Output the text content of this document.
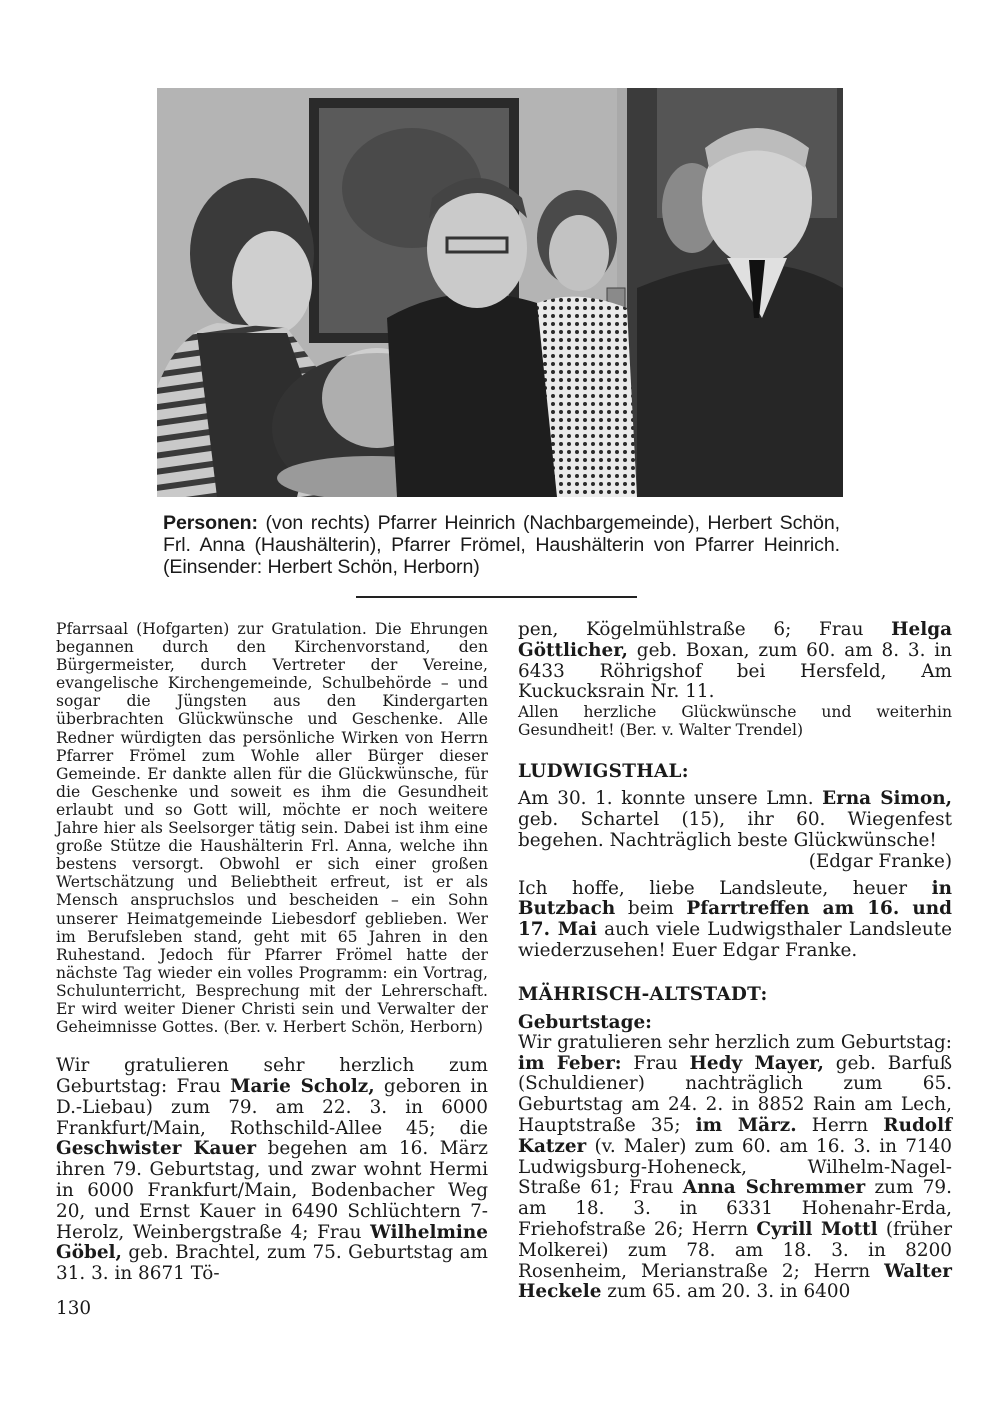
Personen: (von rechts) Pfarrer Heinrich (Nachbargemeinde), Herbert Schön, Frl. Anna (Haushälterin), Pfarrer Frömel, Haushälterin von Pfarrer Heinrich. (Einsender: Herbert Schön, Herborn)

Pfarrsaal (Hofgarten) zur Gratulation. Die Ehrungen begannen durch den Kirchenvorstand, den Bürgermeister, durch Vertreter der Vereine, evangelische Kirchengemeinde, Schulbehörde – und sogar die Jüngsten aus den Kindergarten überbrachten Glückwünsche und Geschenke. Alle Redner würdigten das persönliche Wirken von Herrn Pfarrer Frömel zum Wohle aller Bürger dieser Gemeinde. Er dankte allen für die Glückwünsche, für die Geschenke und soweit es ihm die Gesundheit erlaubt und so Gott will, möchte er noch weitere Jahre hier als Seelsorger tätig sein. Dabei ist ihm eine große Stütze die Haushälterin Frl. Anna, welche ihn bestens versorgt. Obwohl er sich einer großen Wertschätzung und Beliebtheit erfreut, ist er als Mensch anspruchslos und bescheiden – ein Sohn unserer Heimatgemeinde Liebesdorf geblieben. Wer im Berufsleben stand, geht mit 65 Jahren in den Ruhestand. Jedoch für Pfarrer Frömel hatte der nächste Tag wieder ein volles Programm: ein Vortrag, Schulunterricht, Besprechung mit der Lehrerschaft. Er wird weiter Diener Christi sein und Verwalter der Geheimnisse Gottes. (Ber. v. Herbert Schön, Herborn)

Wir gratulieren sehr herzlich zum Geburtstag: Frau Marie Scholz, geboren in D.-Liebau) zum 79. am 22. 3. in 6000 Frankfurt/Main, Rothschild-Allee 45; die Geschwister Kauer begehen am 16. März ihren 79. Geburtstag, und zwar wohnt Hermi in 6000 Frankfurt/Main, Bodenbacher Weg 20, und Ernst Kauer in 6490 Schlüchtern 7-Herolz, Weinbergstraße 4; Frau Wilhelmine Göbel, geb. Brachtel, zum 75. Geburtstag am 31. 3. in 8671 Tö-

pen, Kögelmühlstraße 6; Frau Helga Göttlicher, geb. Boxan, zum 60. am 8. 3. in 6433 Röhrigshof bei Hersfeld, Am Kuckucksrain Nr. 11.

Allen herzliche Glückwünsche und weiterhin Gesundheit! (Ber. v. Walter Trendel)

LUDWIGSTHAL:

Am 30. 1. konnte unsere Lmn. Erna Simon, geb. Schartel (15), ihr 60. Wiegenfest begehen. Nachträglich beste Glückwünsche!

(Edgar Franke)

Ich hoffe, liebe Landsleute, heuer in Butzbach beim Pfarrtreffen am 16. und 17. Mai auch viele Ludwigsthaler Landsleute wiederzusehen! Euer Edgar Franke.

MÄHRISCH-ALTSTADT:
Geburtstage:

Wir gratulieren sehr herzlich zum Geburtstag: im Feber: Frau Hedy Mayer, geb. Barfuß (Schuldiener) nachträglich zum 65. Geburtstag am 24. 2. in 8852 Rain am Lech, Hauptstraße 35; im März. Herrn Rudolf Katzer (v. Maler) zum 60. am 16. 3. in 7140 Ludwigsburg-Hoheneck, Wilhelm-Nagel-Straße 61; Frau Anna Schremmer zum 79. am 18. 3. in 6331 Hohenahr-Erda, Friehofstraße 26; Herrn Cyrill Mottl (früher Molkerei) zum 78. am 18. 3. in 8200 Rosenheim, Merianstraße 2; Herrn Walter Heckele zum 65. am 20. 3. in 6400

130
